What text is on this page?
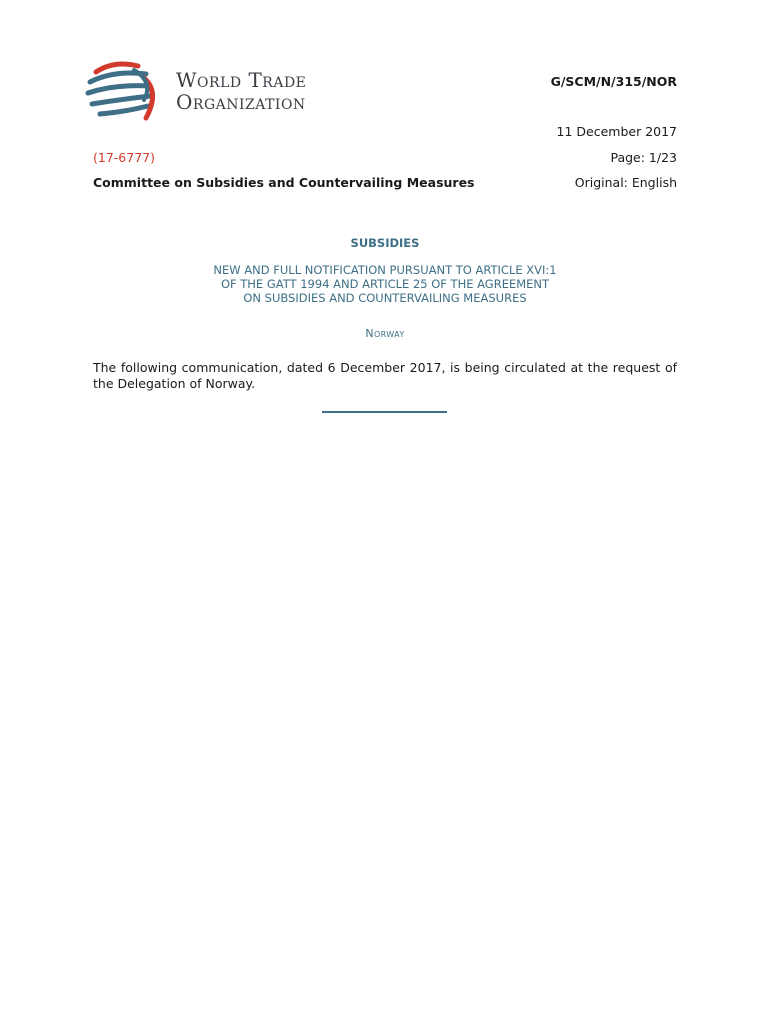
World Trade
Organization
G/SCM/N/315/NOR
11 December 2017
(17-6777)	Page: 1/23
Committee on Subsidies and Countervailing Measures	Original: English
SUBSIDIES
NEW AND FULL NOTIFICATION PURSUANT TO ARTICLE XVI:1
OF THE GATT 1994 AND ARTICLE 25 OF THE AGREEMENT
ON SUBSIDIES AND COUNTERVAILING MEASURES
Norway
The following communication, dated 6 December 2017, is being circulated at the request of the Delegation of Norway.
